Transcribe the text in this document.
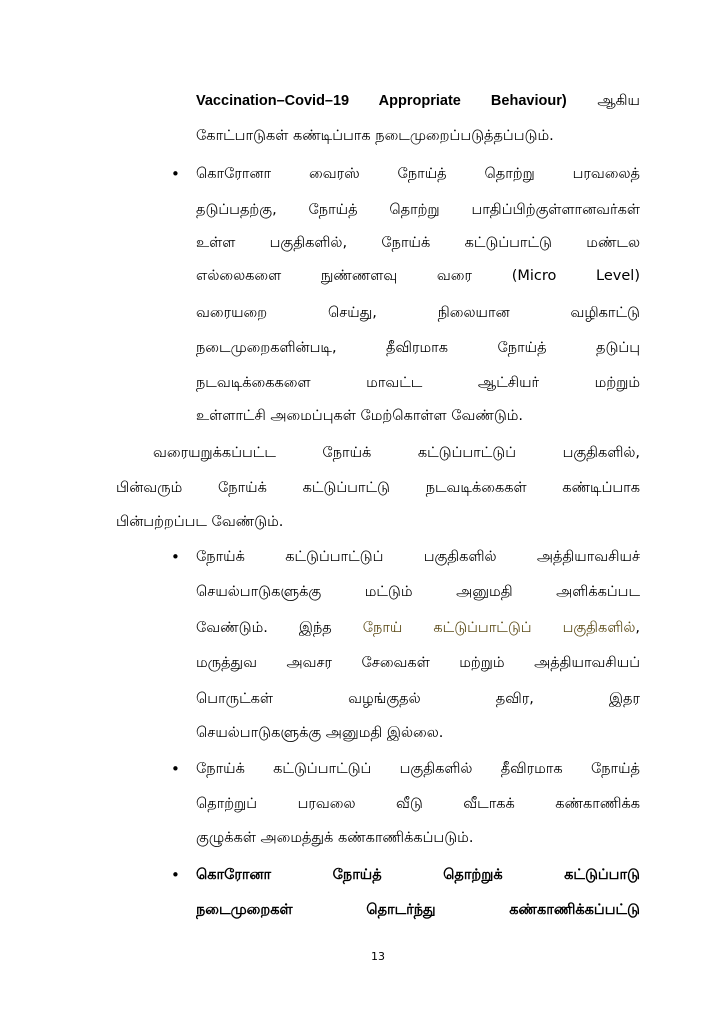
Vaccination–Covid–19 Appropriate Behaviour) ஆகிய
கோட்பாடுகள் கண்டிப்பாக நடைமுறைப்படுத்தப்படும்.
•	கொரோனா வைரஸ் நோய்த் தொற்று பரவலைத்
தடுப்பதற்கு, நோய்த் தொற்று பாதிப்பிற்குள்ளானவர்கள்
உள்ள பகுதிகளில், நோய்க் கட்டுப்பாட்டு மண்டல
எல்லைகளை நுண்ணளவு வரை (Micro Level)
வரையறை செய்து, நிலையான வழிகாட்டு
நடைமுறைகளின்படி, தீவிரமாக நோய்த் தடுப்பு
நடவடிக்கைகளை மாவட்ட ஆட்சியர் மற்றும்
உள்ளாட்சி அமைப்புகள் மேற்கொள்ள வேண்டும்.
வரையறுக்கப்பட்ட நோய்க் கட்டுப்பாட்டுப் பகுதிகளில்,
பின்வரும் நோய்க் கட்டுப்பாட்டு நடவடிக்கைகள் கண்டிப்பாக
பின்பற்றப்பட வேண்டும்.
•	நோய்க் கட்டுப்பாட்டுப் பகுதிகளில் அத்தியாவசியச்
செயல்பாடுகளுக்கு மட்டும் அனுமதி அளிக்கப்பட
வேண்டும். இந்த நோய் கட்டுப்பாட்டுப் பகுதிகளில்,
மருத்துவ அவசர சேவைகள் மற்றும் அத்தியாவசியப்
பொருட்கள் வழங்குதல் தவிர, இதர
செயல்பாடுகளுக்கு அனுமதி இல்லை.
•	நோய்க் கட்டுப்பாட்டுப் பகுதிகளில் தீவிரமாக நோய்த்
தொற்றுப் பரவலை வீடு வீடாகக் கண்காணிக்க
குழுக்கள் அமைத்துக் கண்காணிக்கப்படும்.
•	கொரோனா நோய்த் தொற்றுக் கட்டுப்பாடு
நடைமுறைகள் தொடர்ந்து கண்காணிக்கப்பட்டு
13
